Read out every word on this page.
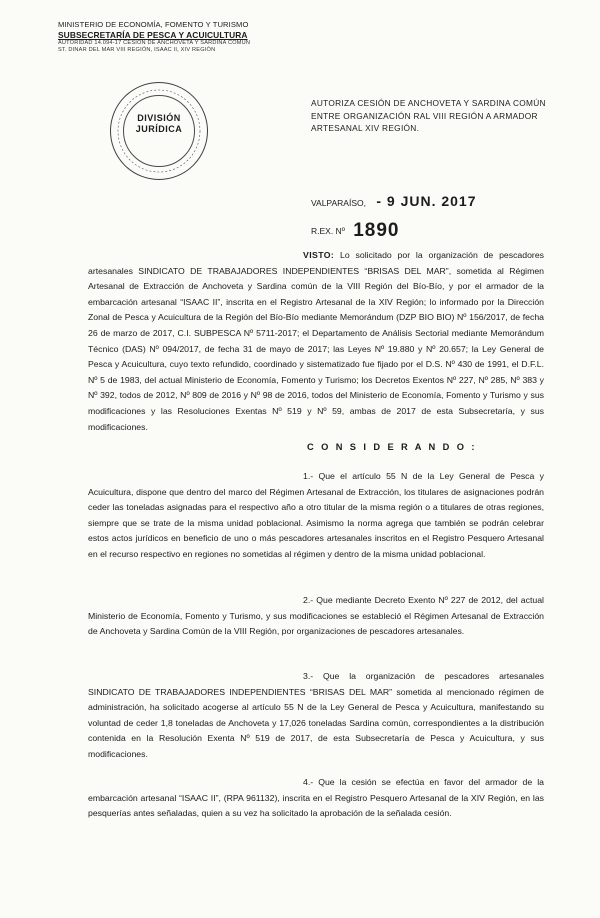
MINISTERIO DE ECONOMÍA, FOMENTO Y TURISMO
SUBSECRETARÍA DE PESCA Y ACUICULTURA
AUTORIDAD 14.094-17 CESIÓN DE ANCHOVETA Y SARDINA COMÚN
ST. DINAR DEL MAR VIII REGIÓN, ISAAC II, XIV REGIÓN
DIVISIÓN
JURÍDICA
AUTORIZA CESIÓN DE ANCHOVETA Y SARDINA COMÚN ENTRE ORGANIZACIÓN RAL VIII REGIÓN A ARMADOR ARTESANAL XIV REGIÓN.
VALPARAÍSO, - 9 JUN. 2017
R.EX. Nº 1890
VISTO: Lo solicitado por la organización de pescadores artesanales SINDICATO DE TRABAJADORES INDEPENDIENTES “BRISAS DEL MAR”, sometida al Régimen Artesanal de Extracción de Anchoveta y Sardina común de la VIII Región del Bío-Bío, y por el armador de la embarcación artesanal “ISAAC II”, inscrita en el Registro Artesanal de la XIV Región; lo informado por la Dirección Zonal de Pesca y Acuicultura de la Región del Bío-Bío mediante Memorándum (DZP BIO BIO) Nº 156/2017, de fecha 26 de marzo de 2017, C.I. SUBPESCA Nº 5711-2017; el Departamento de Análisis Sectorial mediante Memorándum Técnico (DAS) Nº 094/2017, de fecha 31 de mayo de 2017; las Leyes Nº 19.880 y Nº 20.657; la Ley General de Pesca y Acuicultura, cuyo texto refundido, coordinado y sistematizado fue fijado por el D.S. Nº 430 de 1991, el D.F.L. Nº 5 de 1983, del actual Ministerio de Economía, Fomento y Turismo; los Decretos Exentos Nº 227, Nº 285, Nº 383 y Nº 392, todos de 2012, Nº 809 de 2016 y Nº 98 de 2016, todos del Ministerio de Economía, Fomento y Turismo y sus modificaciones y las Resoluciones Exentas Nº 519 y Nº 59, ambas de 2017 de esta Subsecretaría, y sus modificaciones.
C O N S I D E R A N D O :
1.- Que el artículo 55 N de la Ley General de Pesca y Acuicultura, dispone que dentro del marco del Régimen Artesanal de Extracción, los titulares de asignaciones podrán ceder las toneladas asignadas para el respectivo año a otro titular de la misma región o a titulares de otras regiones, siempre que se trate de la misma unidad poblacional. Asimismo la norma agrega que también se podrán celebrar estos actos jurídicos en beneficio de uno o más pescadores artesanales inscritos en el Registro Pesquero Artesanal en el recurso respectivo en regiones no sometidas al régimen y dentro de la misma unidad poblacional.
2.- Que mediante Decreto Exento Nº 227 de 2012, del actual Ministerio de Economía, Fomento y Turismo, y sus modificaciones se estableció el Régimen Artesanal de Extracción de Anchoveta y Sardina Común de la VIII Región, por organizaciones de pescadores artesanales.
3.- Que la organización de pescadores artesanales SINDICATO DE TRABAJADORES INDEPENDIENTES “BRISAS DEL MAR” sometida al mencionado régimen de administración, ha solicitado acogerse al artículo 55 N de la Ley General de Pesca y Acuicultura, manifestando su voluntad de ceder 1,8 toneladas de Anchoveta y 17,026 toneladas Sardina común, correspondientes a la distribución contenida en la Resolución Exenta Nº 519 de 2017, de esta Subsecretaría de Pesca y Acuicultura, y sus modificaciones.
4.- Que la cesión se efectúa en favor del armador de la embarcación artesanal “ISAAC II”, (RPA 961132), inscrita en el Registro Pesquero Artesanal de la XIV Región, en las pesquerías antes señaladas, quien a su vez ha solicitado la aprobación de la señalada cesión.
